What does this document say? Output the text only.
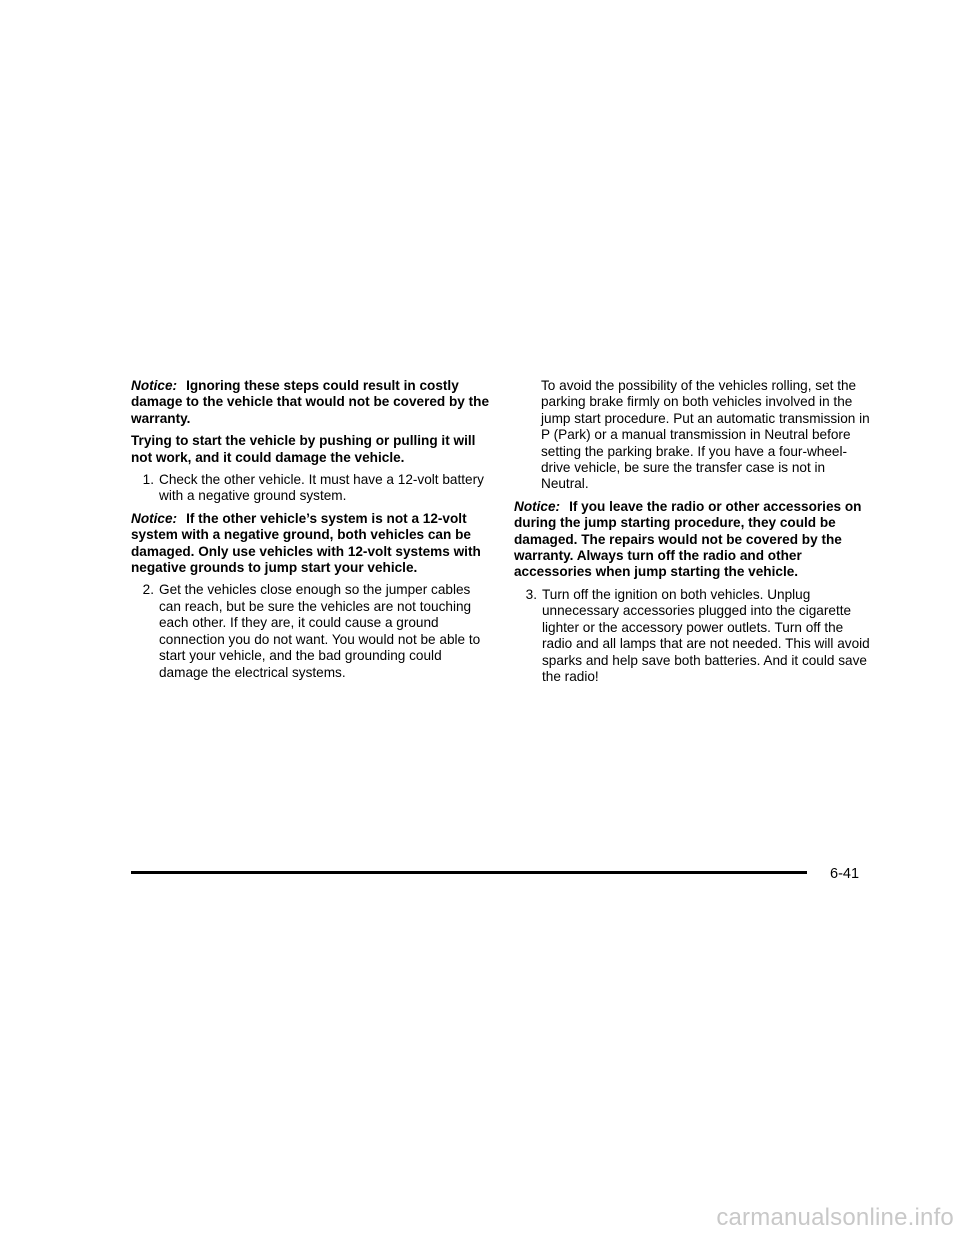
Notice: Ignoring these steps could result in costly damage to the vehicle that would not be covered by the warranty.

Trying to start the vehicle by pushing or pulling it will not work, and it could damage the vehicle.

1. Check the other vehicle. It must have a 12-volt battery with a negative ground system.

Notice: If the other vehicle’s system is not a 12-volt system with a negative ground, both vehicles can be damaged. Only use vehicles with 12-volt systems with negative grounds to jump start your vehicle.

2. Get the vehicles close enough so the jumper cables can reach, but be sure the vehicles are not touching each other. If they are, it could cause a ground connection you do not want. You would not be able to start your vehicle, and the bad grounding could damage the electrical systems.

To avoid the possibility of the vehicles rolling, set the parking brake firmly on both vehicles involved in the jump start procedure. Put an automatic transmission in P (Park) or a manual transmission in Neutral before setting the parking brake. If you have a four-wheel-drive vehicle, be sure the transfer case is not in Neutral.

Notice: If you leave the radio or other accessories on during the jump starting procedure, they could be damaged. The repairs would not be covered by the warranty. Always turn off the radio and other accessories when jump starting the vehicle.

3. Turn off the ignition on both vehicles. Unplug unnecessary accessories plugged into the cigarette lighter or the accessory power outlets. Turn off the radio and all lamps that are not needed. This will avoid sparks and help save both batteries. And it could save the radio!
6-41
carmanualsonline.info
